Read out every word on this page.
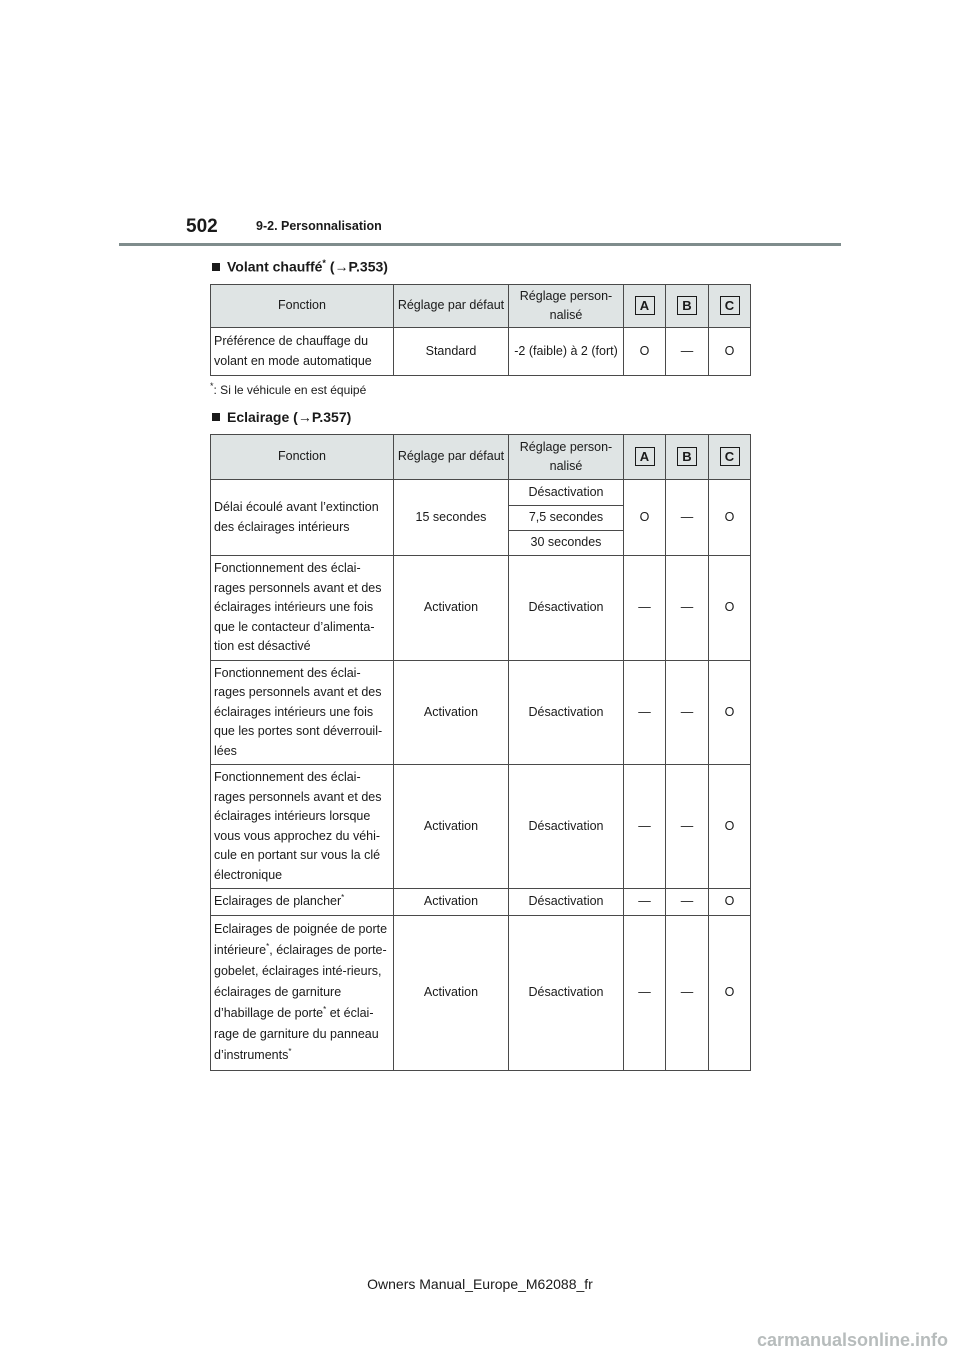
502	9-2. Personnalisation
Volant chauffé* (→P.353)
Fonction	Réglage par défaut	Réglage person-nalisé	A	B	C
Préférence de chauffage du volant en mode automatique	Standard	-2 (faible) à 2 (fort)	O	—	O
*: Si le véhicule en est équipé
Eclairage (→P.357)
Fonction	Réglage par défaut	Réglage person-nalisé	A	B	C
Délai écoulé avant l’extinction des éclairages intérieurs	15 secondes	Désactivation	O	—	O
		7,5 secondes			
		30 secondes			
Fonctionnement des éclai-rages personnels avant et des éclairages intérieurs une fois que le contacteur d’alimenta-tion est désactivé	Activation	Désactivation	—	—	O
Fonctionnement des éclai-rages personnels avant et des éclairages intérieurs une fois que les portes sont déverrouil-lées	Activation	Désactivation	—	—	O
Fonctionnement des éclai-rages personnels avant et des éclairages intérieurs lorsque vous vous approchez du véhi-cule en portant sur vous la clé électronique	Activation	Désactivation	—	—	O
Eclairages de plancher*	Activation	Désactivation	—	—	O
Eclairages de poignée de porte intérieure*, éclairages de porte-gobelet, éclairages inté-rieurs, éclairages de garniture d’habillage de porte* et éclai-rage de garniture du panneau d’instruments*	Activation	Désactivation	—	—	O
Owners Manual_Europe_M62088_fr
carmanualsonline.info
